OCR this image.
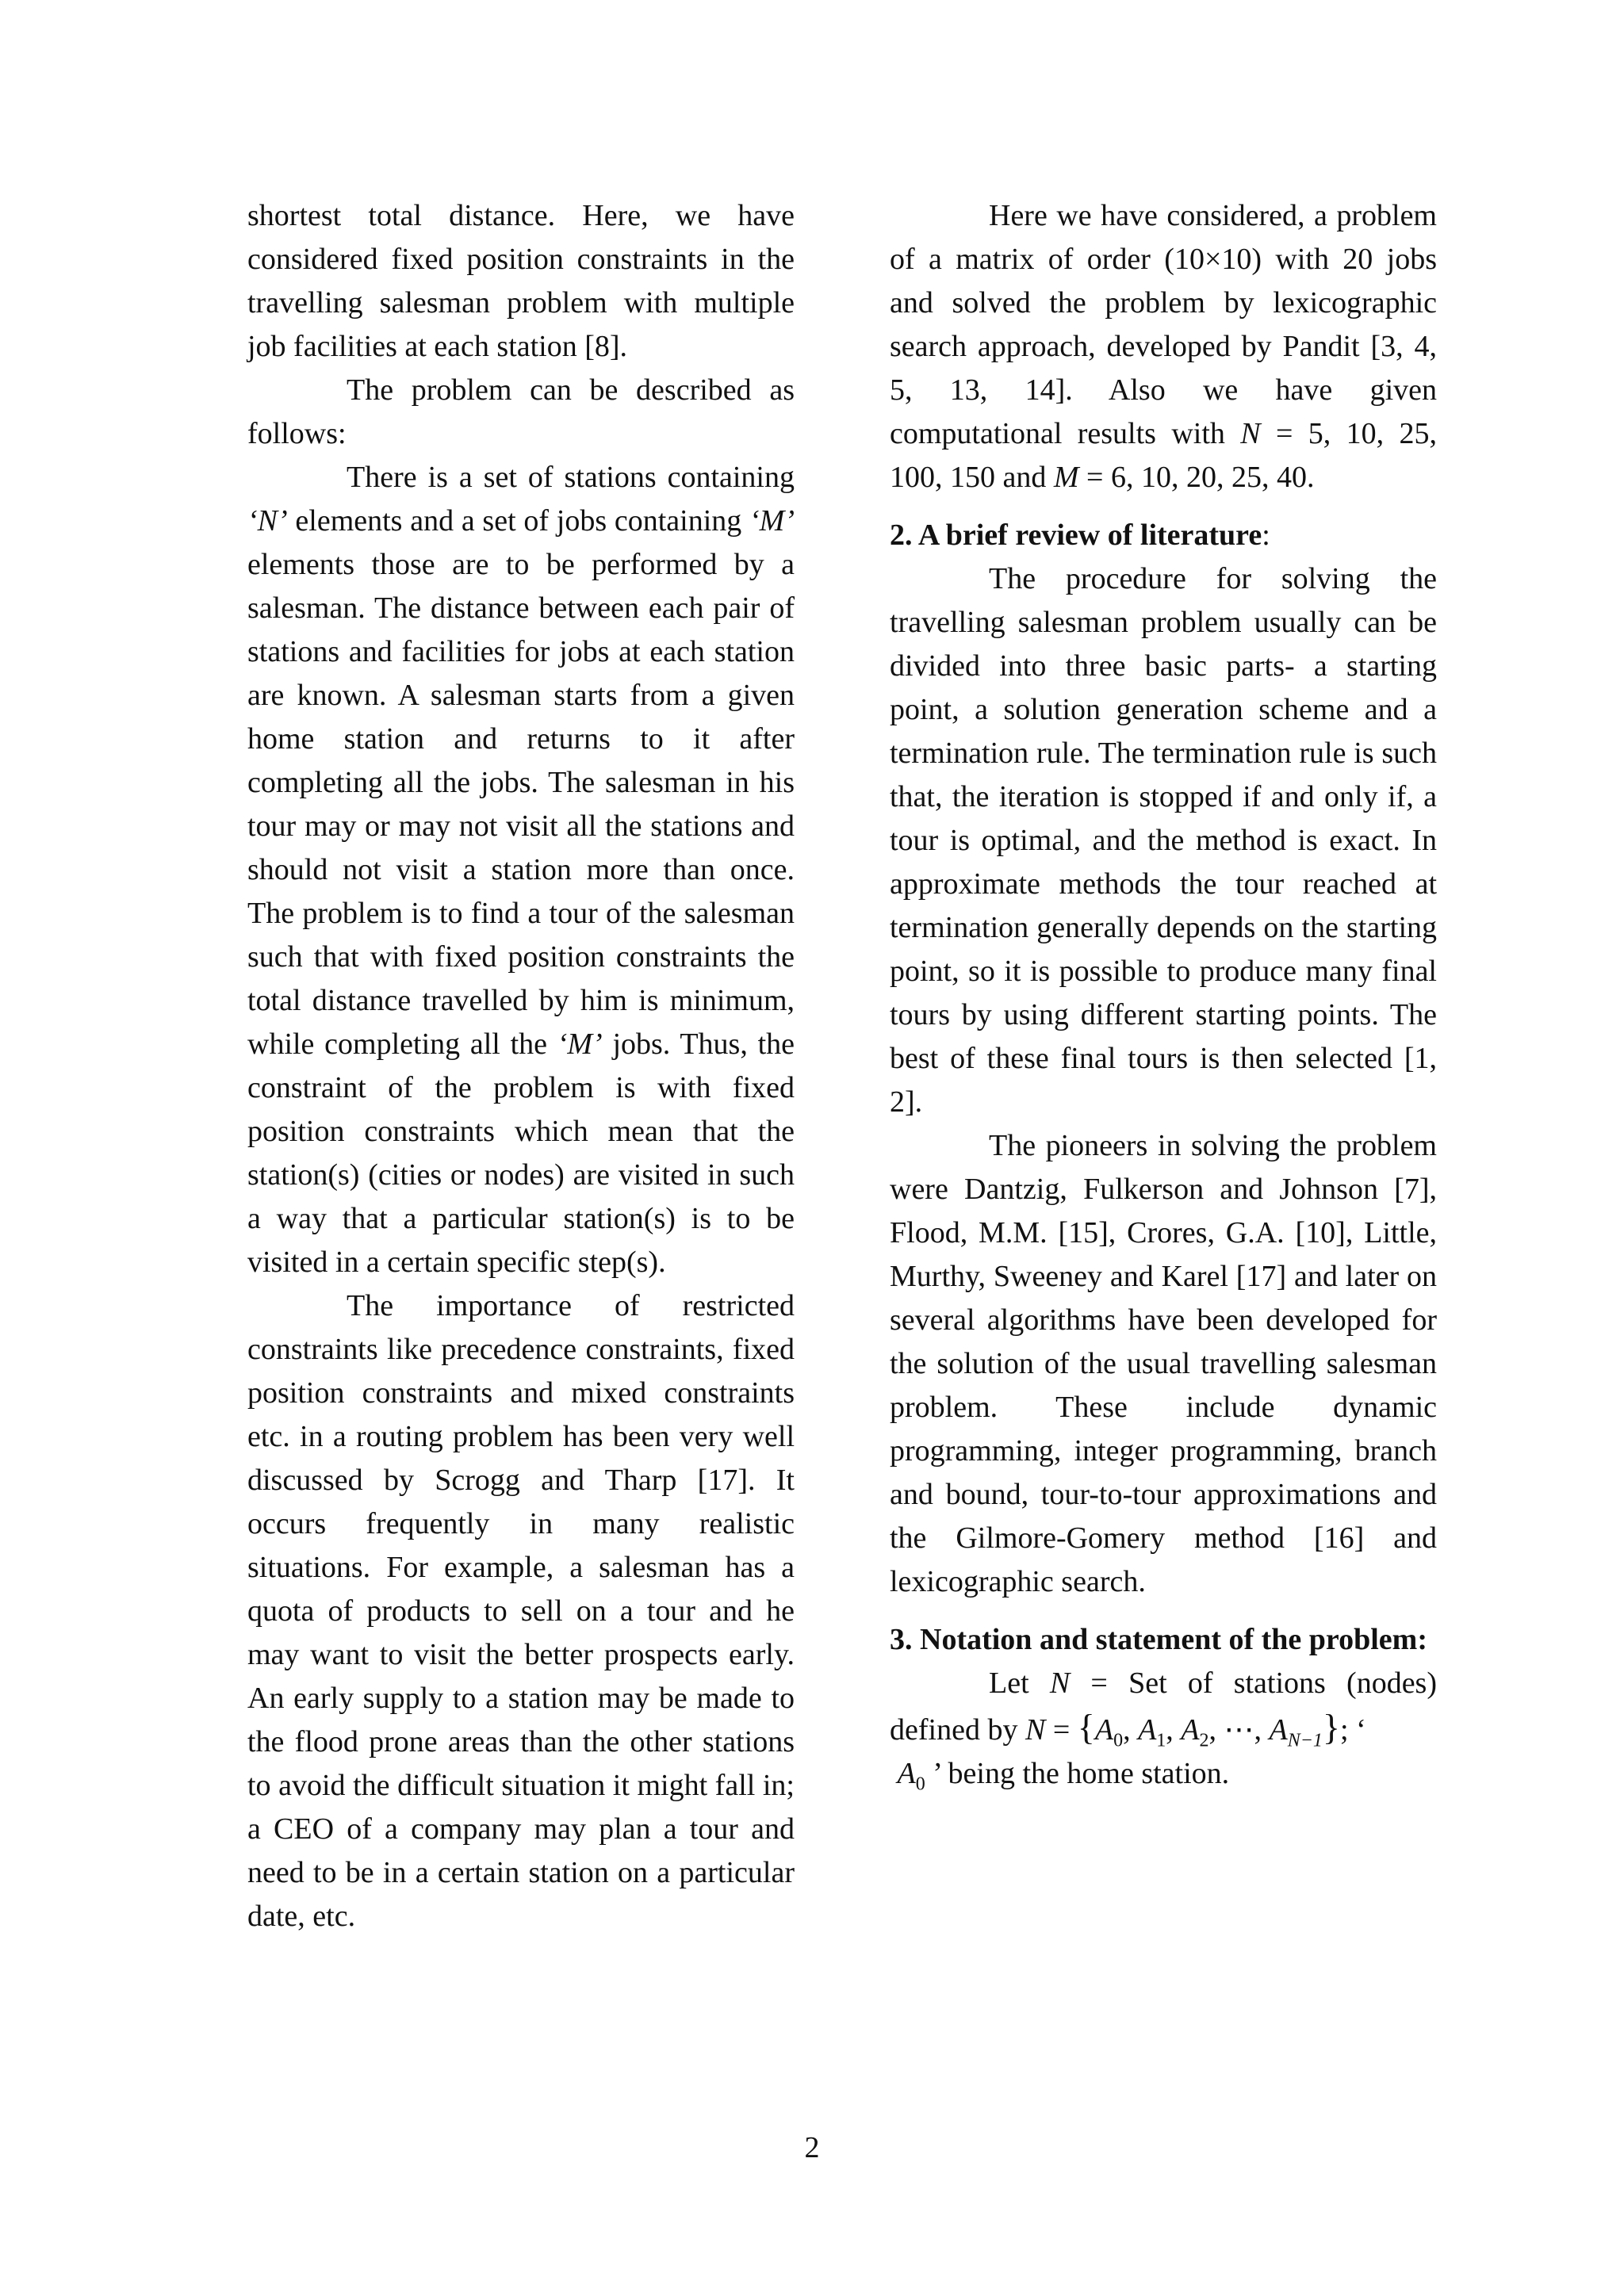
shortest total distance. Here, we have considered fixed position constraints in the travelling salesman problem with multiple job facilities at each station [8].

The problem can be described as follows:

There is a set of stations containing ‘N’ elements and a set of jobs containing ‘M’ elements those are to be performed by a salesman. The distance between each pair of stations and facilities for jobs at each station are known. A salesman starts from a given home station and returns to it after completing all the jobs. The salesman in his tour may or may not visit all the stations and should not visit a station more than once. The problem is to find a tour of the salesman such that with fixed position constraints the total distance travelled by him is minimum, while completing all the ‘M’ jobs. Thus, the constraint of the problem is with fixed position constraints which mean that the station(s) (cities or nodes) are visited in such a way that a particular station(s) is to be visited in a certain specific step(s).

The importance of restricted constraints like precedence constraints, fixed position constraints and mixed constraints etc. in a routing problem has been very well discussed by Scrogg and Tharp [17]. It occurs frequently in many realistic situations. For example, a salesman has a quota of products to sell on a tour and he may want to visit the better prospects early. An early supply to a station may be made to the flood prone areas than the other stations to avoid the difficult situation it might fall in; a CEO of a company may plan a tour and need to be in a certain station on a particular date, etc.

Here we have considered, a problem of a matrix of order (10×10) with 20 jobs and solved the problem by lexicographic search approach, developed by Pandit [3, 4, 5, 13, 14]. Also we have given computational results with N = 5, 10, 25, 100, 150 and M = 6, 10, 20, 25, 40.

2. A brief review of literature:

The procedure for solving the travelling salesman problem usually can be divided into three basic parts- a starting point, a solution generation scheme and a termination rule. The termination rule is such that, the iteration is stopped if and only if, a tour is optimal, and the method is exact. In approximate methods the tour reached at termination generally depends on the starting point, so it is possible to produce many final tours by using different starting points. The best of these final tours is then selected [1, 2].

The pioneers in solving the problem were Dantzig, Fulkerson and Johnson [7], Flood, M.M. [15], Crores, G.A. [10], Little, Murthy, Sweeney and Karel [17] and later on several algorithms have been developed for the solution of the usual travelling salesman problem. These include dynamic programming, integer programming, branch and bound, tour-to-tour approximations and the Gilmore-Gomery method [16] and lexicographic search.

3. Notation and statement of the problem:

Let N = Set of stations (nodes) defined by $N = \{A_0$, $A_1$, $A_2$, ⋯, $A_{N-1}$}; ‘
$A_0$ ’ being the home station.

2
